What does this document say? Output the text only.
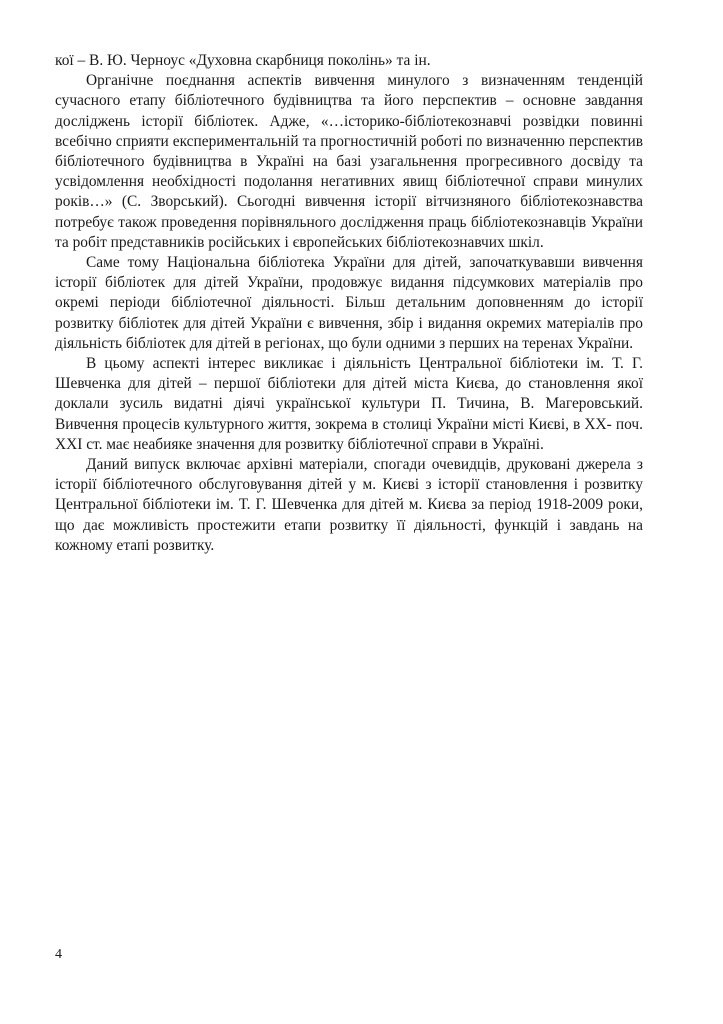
кої – В. Ю. Черноус «Духовна скарбниця поколінь» та ін.

Органічне поєднання аспектів вивчення минулого з визначенням тенденцій сучасного етапу бібліотечного будівництва та його перспектив – основне завдання досліджень історії бібліотек. Адже, «…історико-бібліотекознавчі розвідки повинні всебічно сприяти експериментальній та прогностичній роботі по визначенню перспектив бібліотечного будівництва в Україні на базі узагальнення прогресивного досвіду та усвідомлення необхідності подолання негативних явищ бібліотечної справи минулих років…» (С. Зворський). Сьогодні вивчення історії вітчизняного бібліотекознавства потребує також проведення порівняльного дослідження праць бібліотекознавців України та робіт представників російських і європейських бібліотекознавчих шкіл.

Саме тому Національна бібліотека України для дітей, започаткувавши вивчення історії бібліотек для дітей України, продовжує видання підсумкових матеріалів про окремі періоди бібліотечної діяльності. Більш детальним доповненням до історії розвитку бібліотек для дітей України є вивчення, збір і видання окремих матеріалів про діяльність бібліотек для дітей в регіонах, що були одними з перших на теренах України.

В цьому аспекті інтерес викликає і діяльність Центральної бібліотеки ім. Т. Г. Шевченка для дітей – першої бібліотеки для дітей міста Києва, до становлення якої доклали зусиль видатні діячі української культури П. Тичина, В. Магеровський. Вивчення процесів культурного життя, зокрема в столиці України місті Києві, в ХХ- поч. ХХІ ст. має неабияке значення для розвитку бібліотечної справи в Україні.

Даний випуск включає архівні матеріали, спогади очевидців, друковані джерела з історії бібліотечного обслуговування дітей у м. Києві з історії становлення і розвитку Центральної бібліотеки ім. Т. Г. Шевченка для дітей м. Києва за період 1918-2009 роки, що дає можливість простежити етапи розвитку її діяльності, функцій і завдань на кожному етапі розвитку.

4
